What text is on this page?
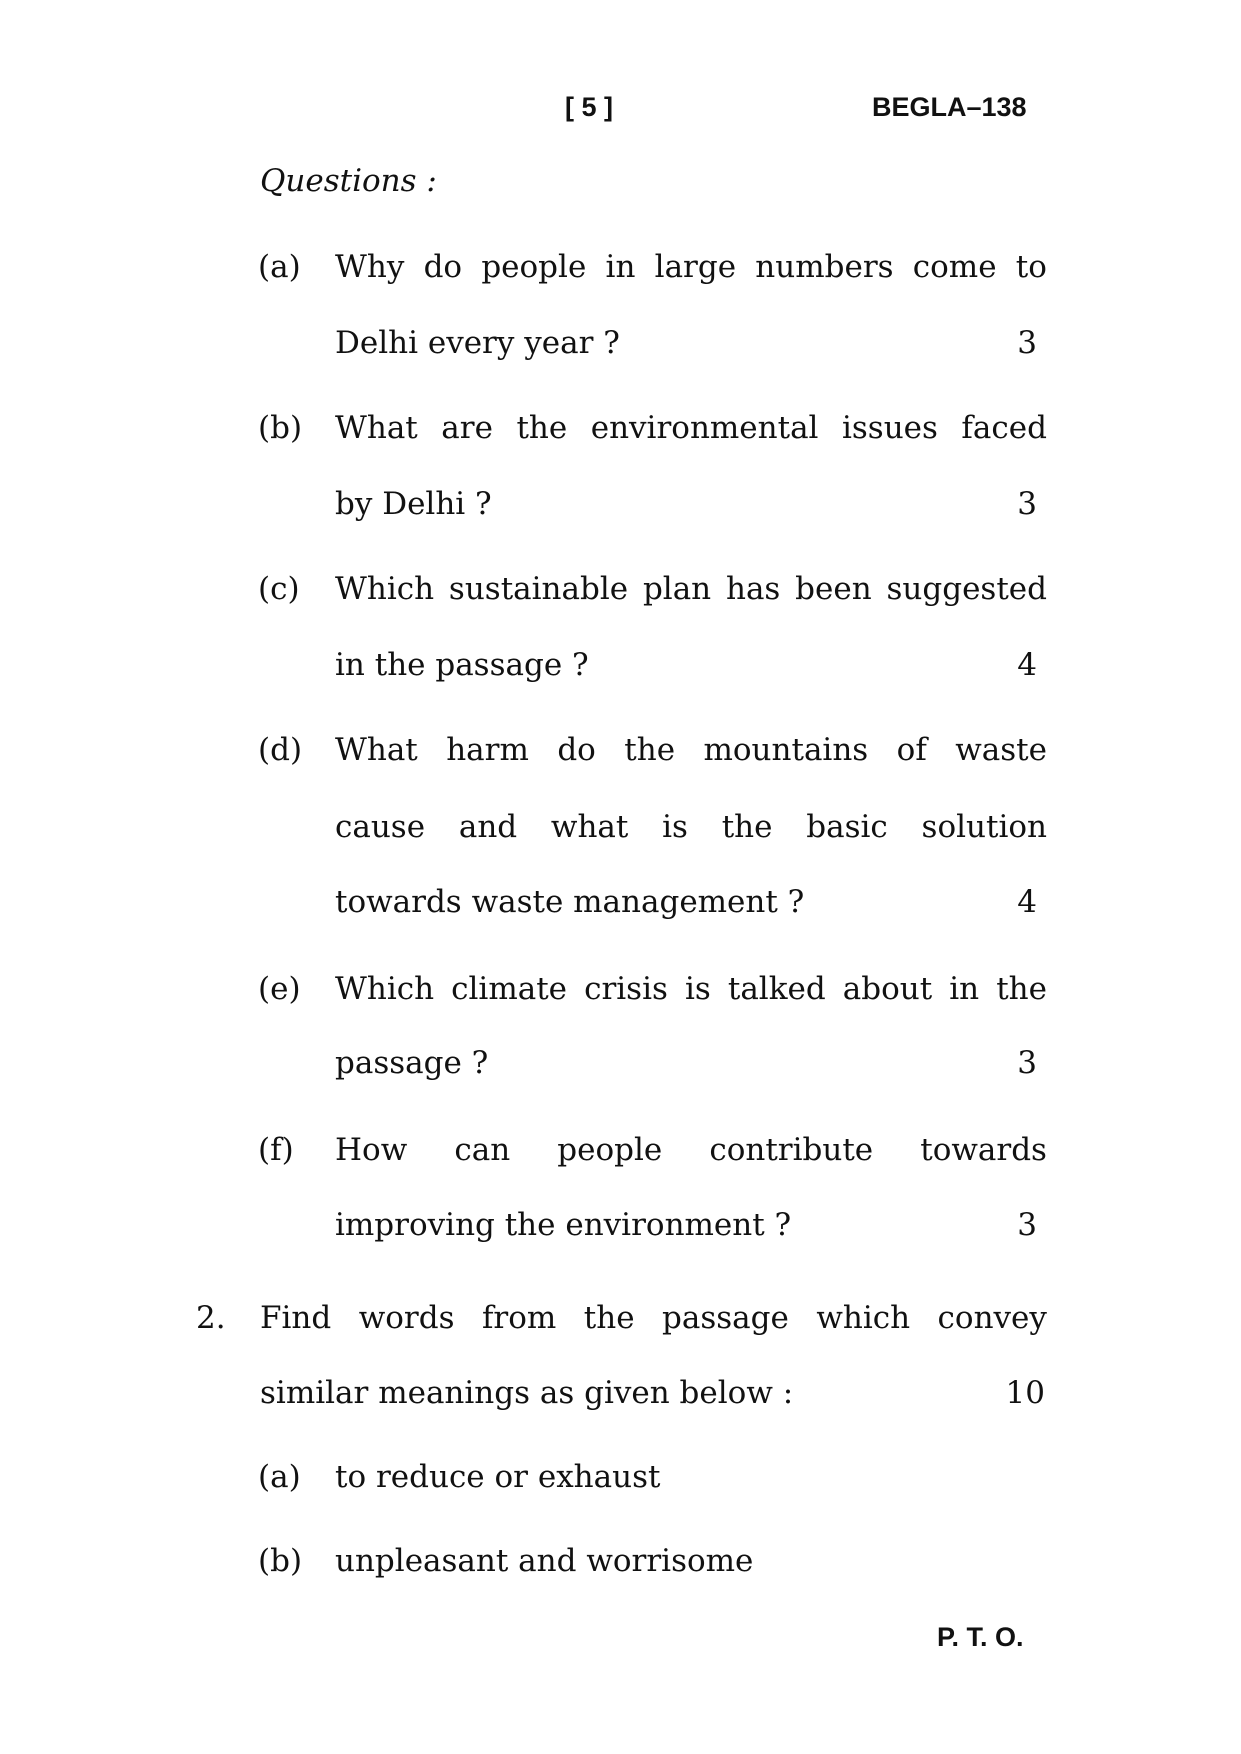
[ 5 ]	BEGLA–138
Questions :
(a) Why do people in large numbers come to
Delhi every year ?	3
(b) What are the environmental issues faced
by Delhi ?	3
(c) Which sustainable plan has been suggested
in the passage ?	4
(d) What harm do the mountains of waste
cause and what is the basic solution
towards waste management ?	4
(e) Which climate crisis is talked about in the
passage ?	3
(f) How can people contribute towards
improving the environment ?	3
2. Find words from the passage which convey
similar meanings as given below :	10
(a) to reduce or exhaust
(b) unpleasant and worrisome
P. T. O.
